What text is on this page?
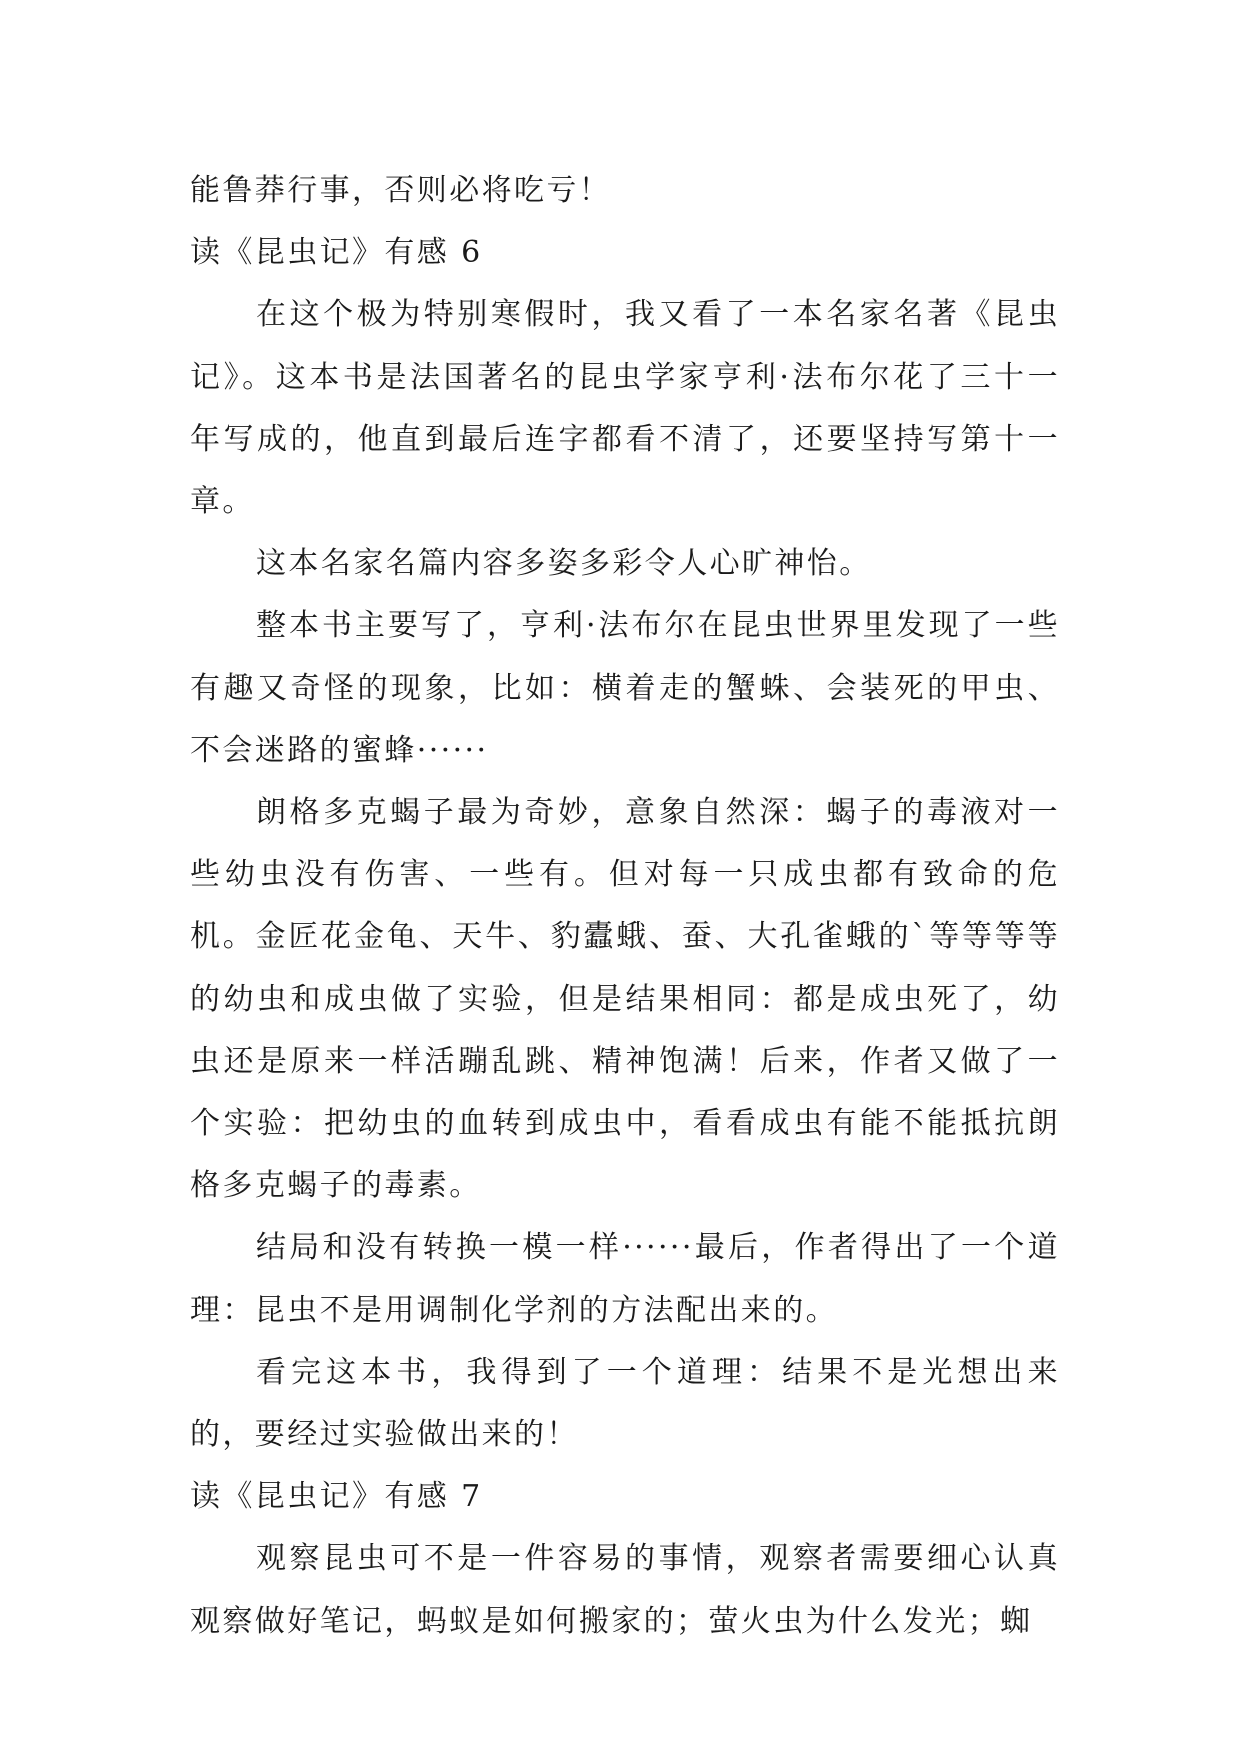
能鲁莽行事，否则必将吃亏！
读《昆虫记》有感 6

在这个极为特别寒假时，我又看了一本名家名著《昆虫记》。这本书是法国著名的昆虫学家亨利·法布尔花了三十一年写成的，他直到最后连字都看不清了，还要坚持写第十一章。

这本名家名篇内容多姿多彩令人心旷神怡。

整本书主要写了，亨利·法布尔在昆虫世界里发现了一些有趣又奇怪的现象，比如：横着走的蟹蛛、会装死的甲虫、不会迷路的蜜蜂······

朗格多克蝎子最为奇妙，意象自然深：蝎子的毒液对一些幼虫没有伤害、一些有。但对每一只成虫都有致命的危机。金匠花金龟、天牛、豹蠹蛾、蚕、大孔雀蛾的`等等等等的幼虫和成虫做了实验，但是结果相同：都是成虫死了，幼虫还是原来一样活蹦乱跳、精神饱满！后来，作者又做了一个实验：把幼虫的血转到成虫中，看看成虫有能不能抵抗朗格多克蝎子的毒素。

结局和没有转换一模一样······最后，作者得出了一个道理：昆虫不是用调制化学剂的方法配出来的。

看完这本书，我得到了一个道理：结果不是光想出来的，要经过实验做出来的！

读《昆虫记》有感 7

观察昆虫可不是一件容易的事情，观察者需要细心认真观察做好笔记，蚂蚁是如何搬家的；萤火虫为什么发光；蜘
